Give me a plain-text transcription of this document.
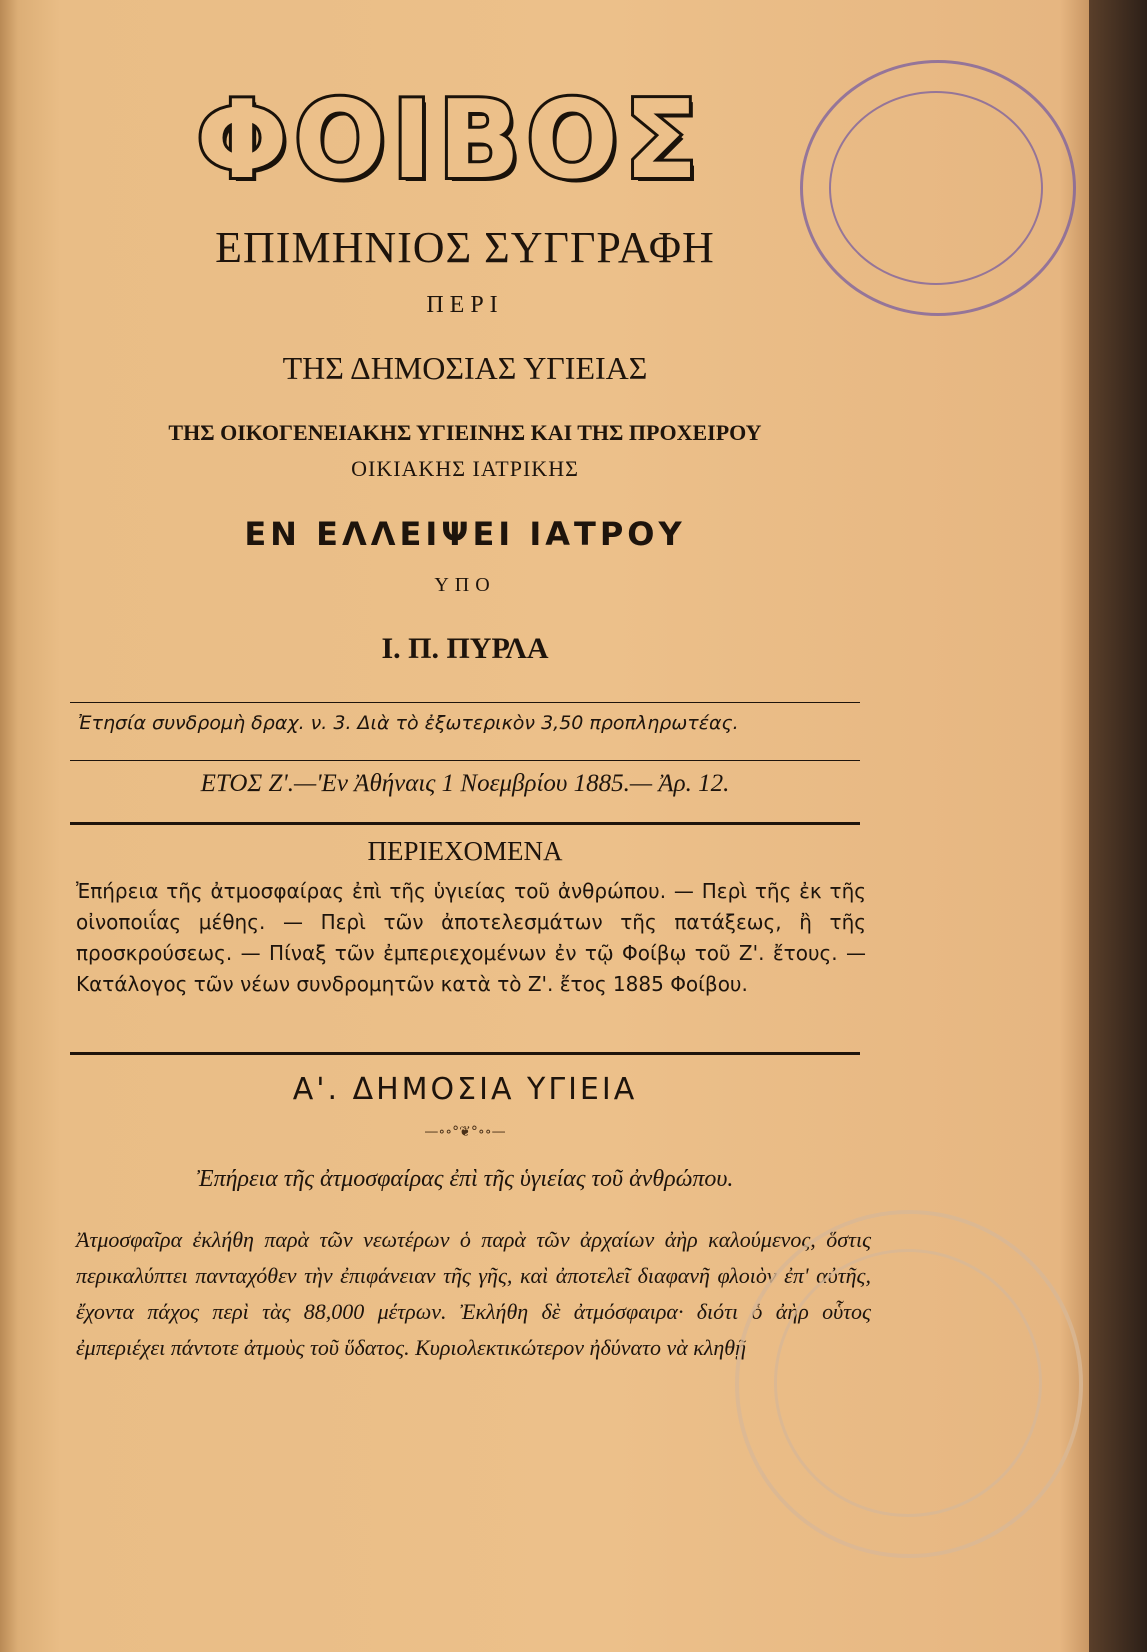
ΦΟΙΒΟΣ
ΕΠΙΜΗΝΙΟΣ ΣΥΓΓΡΑΦΗ
ΠΕΡΙ
ΤΗΣ ΔΗΜΟΣΙΑΣ ΥΓΙΕΙΑΣ
ΤΗΣ ΟΙΚΟΓΕΝΕΙΑΚΗΣ ΥΓΙΕΙΝΗΣ ΚΑΙ ΤΗΣ ΠΡΟΧΕΙΡΟΥ
ΟΙΚΙΑΚΗΣ ΙΑΤΡΙΚΗΣ
ΕΝ ΕΛΛΕΙΨΕΙ ΙΑΤΡΟΥ
ΥΠΟ
Ι. Π. ΠΥΡΛΑ
Ἐτησία συνδρομὴ δραχ. ν. 3. Διὰ τὸ ἐξωτερικὸν 3,50 προπληρωτέας.
ΕΤΟΣ Ζ'.—'Εν Ἀθήναις 1 Νοεμβρίου 1885.— Ἀρ. 12.
ΠΕΡΙΕΧΟΜΕΝΑ
Ἐπήρεια τῆς ἀτμοσφαίρας ἐπὶ τῆς ὑγιείας τοῦ ἀνθρώπου. — Περὶ τῆς ἐκ τῆς οἰνοποιΐας μέθης. — Περὶ τῶν ἀποτελεσμάτων τῆς πατάξεως, ἢ τῆς προσκρούσεως. — Πίναξ τῶν ἐμπεριεχομένων ἐν τῷ Φοίβῳ τοῦ Ζ'. ἔτους. — Κατάλογος τῶν νέων συνδρομητῶν κατὰ τὸ Ζ'. ἔτος 1885 Φοίβου.
Α'. ΔΗΜΟΣΙΑ ΥΓΙΕΙΑ
—∘∘°❦°∘∘—
Ἐπήρεια τῆς ἀτμοσφαίρας ἐπὶ τῆς ὑγιείας τοῦ ἀνθρώπου.
Ἀτμοσφαῖρα ἐκλήθη παρὰ τῶν νεωτέρων ὁ παρὰ τῶν ἀρχαίων ἀὴρ καλούμενος, ὅστις περικαλύπτει πανταχόθεν τὴν ἐπιφάνειαν τῆς γῆς, καὶ ἀποτελεῖ διαφανῆ φλοιὸν ἐπ' αὐτῆς, ἔχοντα πάχος περὶ τὰς 88,000 μέτρων. Ἐκλήθη δὲ ἀτμόσφαιρα· διότι ὁ ἀὴρ οὗτος ἐμπεριέχει πάντοτε ἀτμοὺς τοῦ ὕδατος. Κυριολεκτικώτερον ἠδύνατο νὰ κληθῇ
